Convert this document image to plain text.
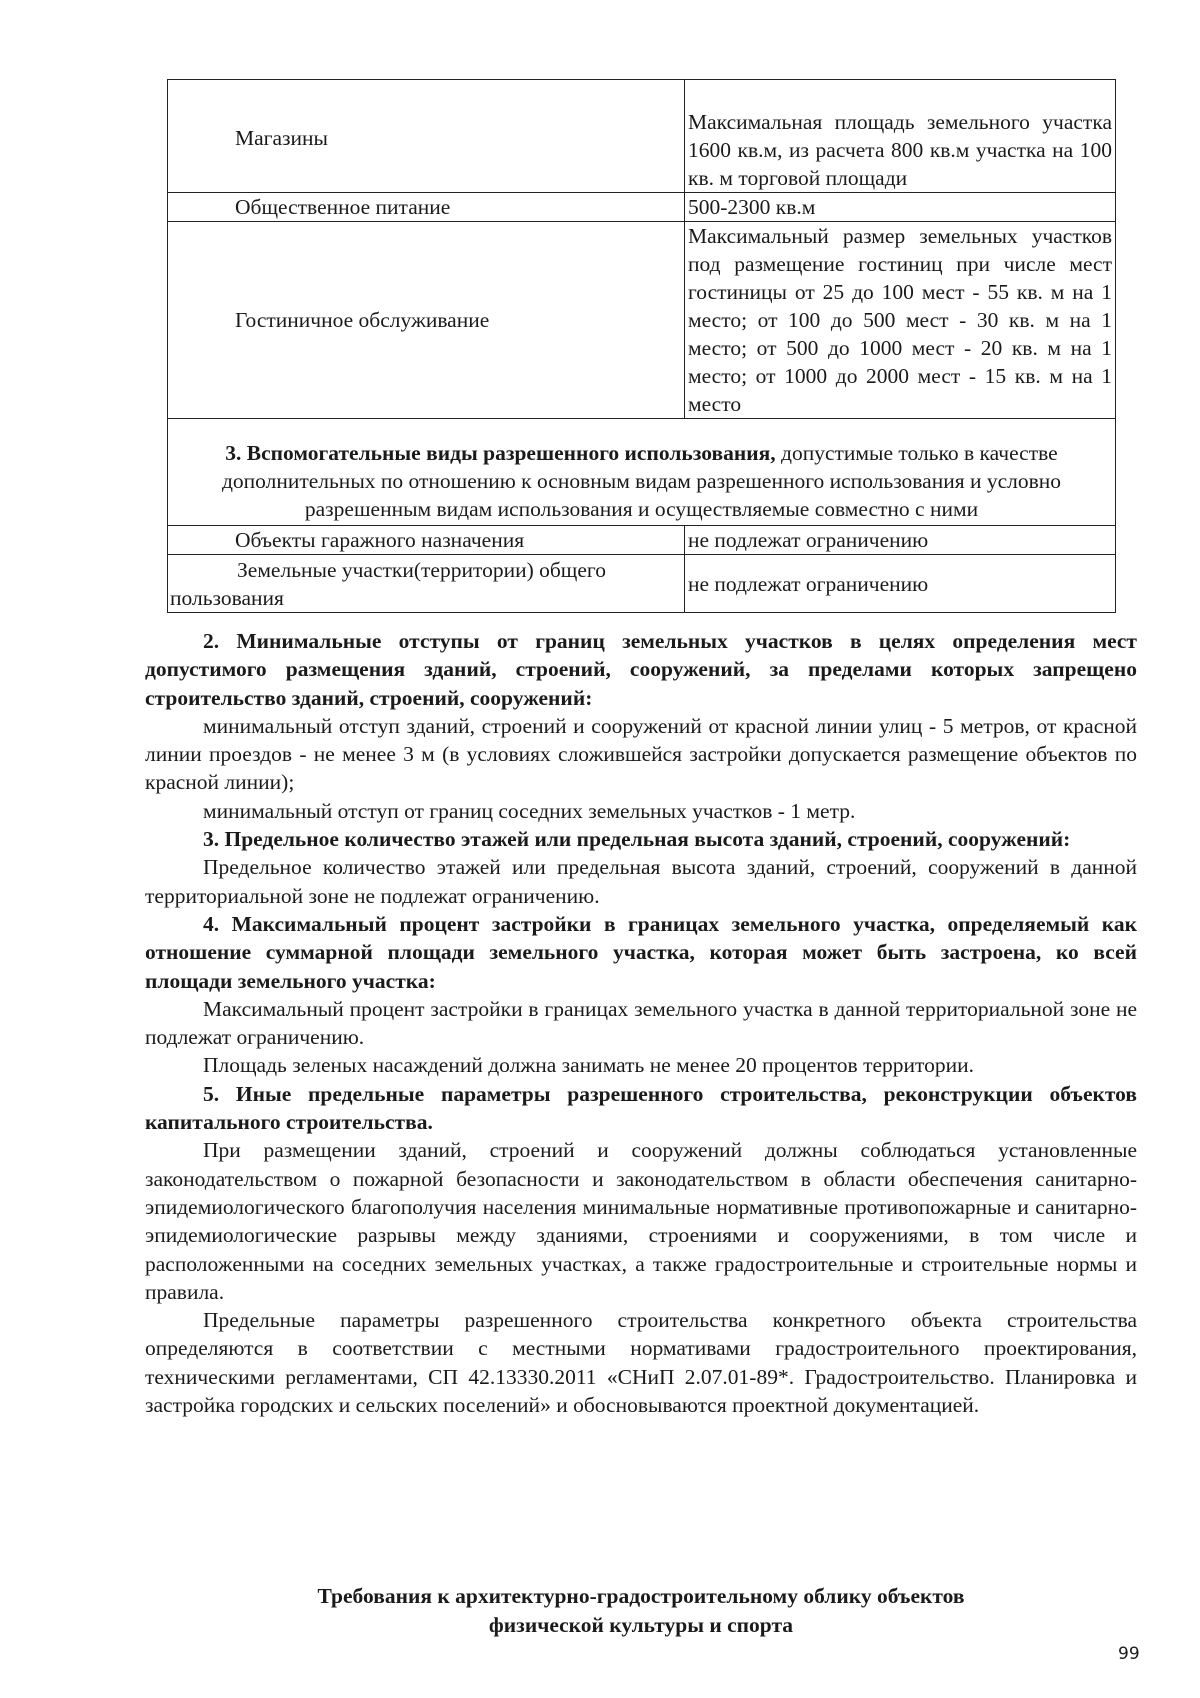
Магазины	Максимальная площадь земельного участка 1600 кв.м, из расчета 800 кв.м участка на 100 кв. м торговой площади
Общественное питание	500-2300 кв.м
Гостиничное обслуживание	Максимальный размер земельных участков под размещение гостиниц при числе мест гостиницы от 25 до 100 мест - 55 кв. м на 1 место; от 100 до 500 мест - 30 кв. м на 1 место; от 500 до 1000 мест - 20 кв. м на 1 место; от 1000 до 2000 мест - 15 кв. м на 1 место
3. Вспомогательные виды разрешенного использования, допустимые только в качестве дополнительных по отношению к основным видам разрешенного использования и условно разрешенным видам использования и осуществляемые совместно с ними	
Объекты гаражного назначения	не подлежат ограничению
Земельные участки(территории) общего пользования	не подлежат ограничению

2. Минимальные отступы от границ земельных участков в целях определения мест допустимого размещения зданий, строений, сооружений, за пределами которых запрещено строительство зданий, строений, сооружений:

минимальный отступ зданий, строений и сооружений от красной линии улиц - 5 метров, от красной линии проездов - не менее 3 м (в условиях сложившейся застройки допускается размещение объектов по красной линии);

минимальный отступ от границ соседних земельных участков - 1 метр.

3. Предельное количество этажей или предельная высота зданий, строений, сооружений:

Предельное количество этажей или предельная высота зданий, строений, сооружений в данной территориальной зоне не подлежат ограничению.

4. Максимальный процент застройки в границах земельного участка, определяемый как отношение суммарной площади земельного участка, которая может быть застроена, ко всей площади земельного участка:

Максимальный процент застройки в границах земельного участка в данной территориальной зоне не подлежат ограничению.

Площадь зеленых насаждений должна занимать не менее 20 процентов территории.

5. Иные предельные параметры разрешенного строительства, реконструкции объектов капитального строительства.

При размещении зданий, строений и сооружений должны соблюдаться установленные законодательством о пожарной безопасности и законодательством в области обеспечения санитарно-эпидемиологического благополучия населения минимальные нормативные противопожарные и санитарно-эпидемиологические разрывы между зданиями, строениями и сооружениями, в том числе и расположенными на соседних земельных участках, а также градостроительные и строительные нормы и правила.

Предельные параметры разрешенного строительства конкретного объекта строительства определяются в соответствии с местными нормативами градостроительного проектирования, техническими регламентами, СП 42.13330.2011 «СНиП 2.07.01-89*. Градостроительство. Планировка и застройка городских и сельских поселений» и обосновываются проектной документацией.

Требования к архитектурно-градостроительному облику объектов
физической культуры и спорта
99
